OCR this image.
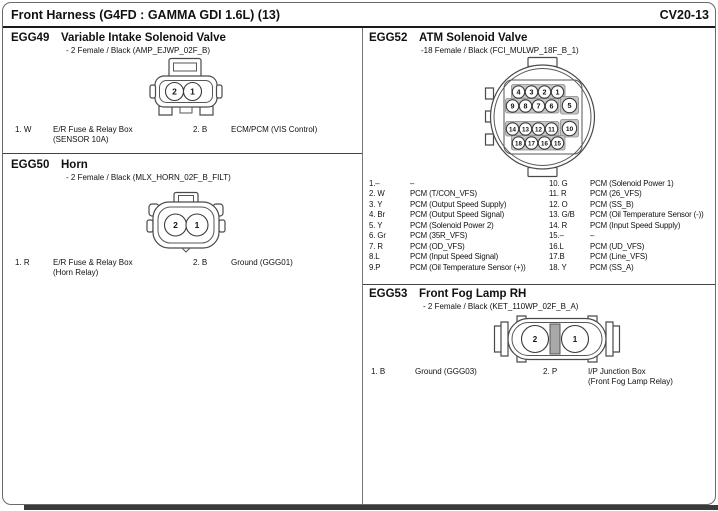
Front Harness (G4FD : GAMMA GDI 1.6L) (13)	CV20-13
EGG49 Variable Intake Solenoid Valve
- 2 Female / Black (AMP_EJWP_02F_B)
2 1
1. W	E/R Fuse & Relay Box
(SENSOR 10A)
2. B	ECM/PCM (VIS Control)
EGG50 Horn
- 2 Female / Black (MLX_HORN_02F_B_FILT)
2 1
1. R	E/R Fuse & Relay Box
(Horn Relay)
2. B	Ground (GGG01)
EGG52 ATM Solenoid Valve
-18 Female / Black (FCI_MULWP_18F_B_1)
4 3 2 1
9 8 7 6 5
14 13 12 11 10
18 17 16 15
1.–	–
2. W	PCM (T/CON_VFS)
3. Y	PCM (Output Speed Supply)
4. Br	PCM (Output Speed Signal)
5. Y	PCM (Solenoid Power 2)
6. Gr	PCM (35R_VFS)
7. R	PCM (OD_VFS)
8.L	PCM (Input Speed Signal)
9.P	PCM (Oil Temperature Sensor (+))
10. G	PCM (Solenoid Power 1)
11. R	PCM (26_VFS)
12. O	PCM (SS_B)
13. G/B PCM (Oil Temperature Sensor (-))
14. R	PCM (Input Speed Supply)
15.–	–
16.L	PCM (UD_VFS)
17.B	PCM (Line_VFS)
18. Y	PCM (SS_A)
EGG53 Front Fog Lamp RH
- 2 Female / Black (KET_110WP_02F_B_A)
2	1
1. B	Ground (GGG03)	2. P	I/P Junction Box
(Front Fog Lamp Relay)
